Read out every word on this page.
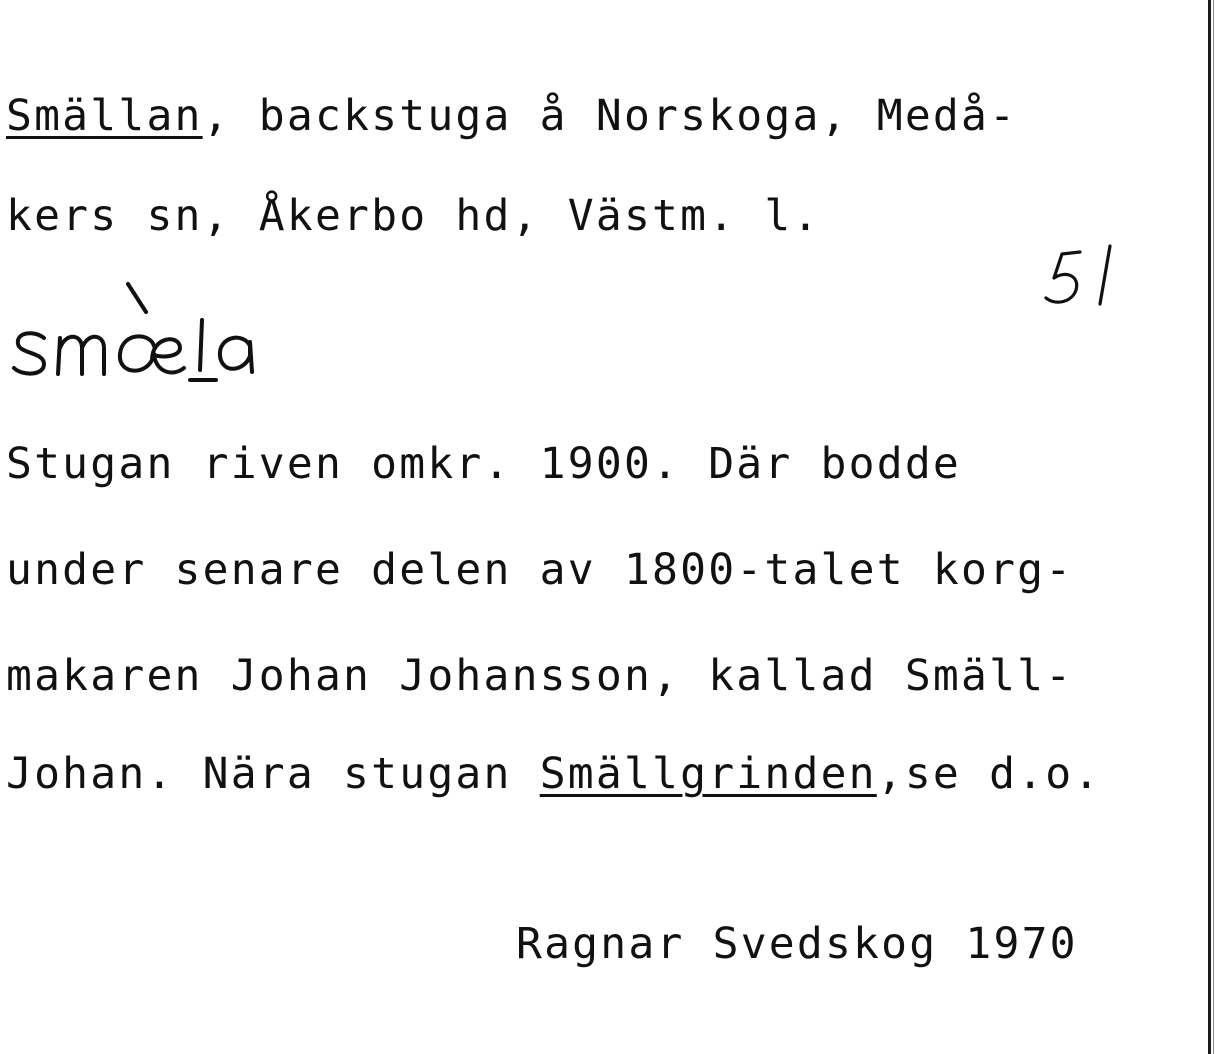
Smällan, backstuga å Norskoga, Medå-

kers sn, Åkerbo hd, Västm. l.

Stugan riven omkr. 1900. Där bodde

under senare delen av 1800-talet korg-

makaren Johan Johansson, kallad Smäll-

Johan. Nära stugan Smällgrinden,se d.o.

Ragnar Svedskog 1970
